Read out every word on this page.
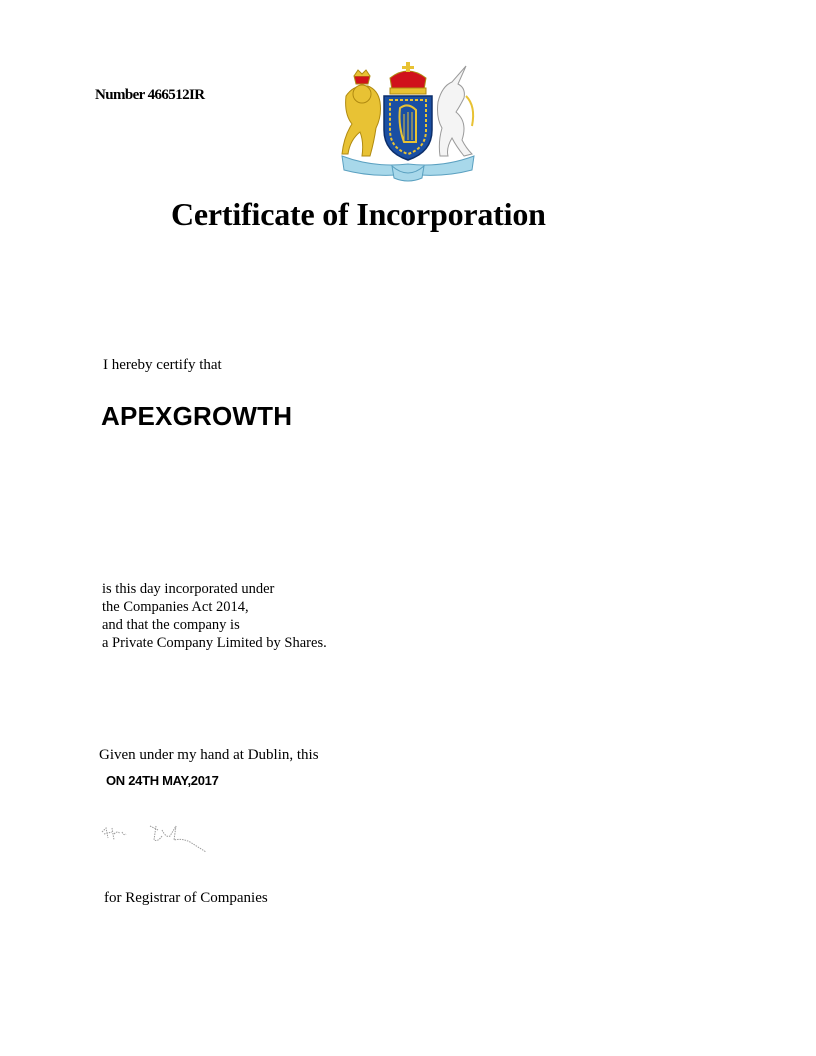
Number 466512IR
Certificate of Incorporation
I hereby certify that
APEXGROWTH
is this day incorporated under
the Companies Act 2014,
and that the company is
a Private Company Limited by Shares.
Given under my hand at Dublin, this
ON 24TH MAY,2017
for Registrar of Companies
